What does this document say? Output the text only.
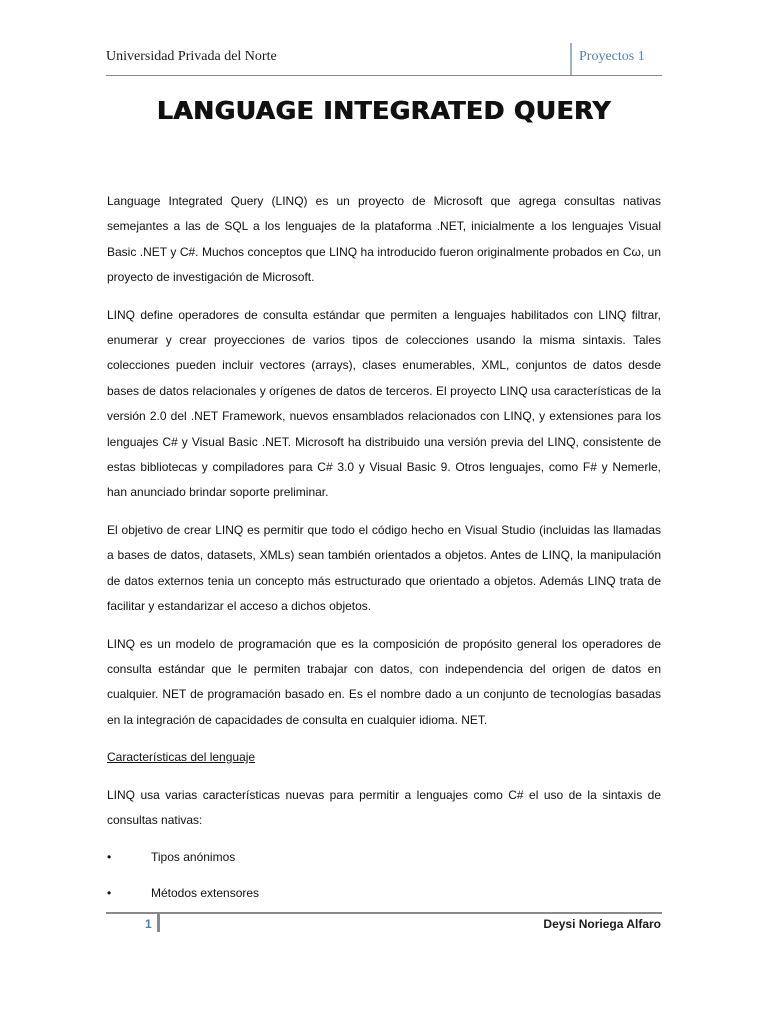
Universidad Privada del Norte	Proyectos 1
LANGUAGE INTEGRATED QUERY

Language Integrated Query (LINQ) es un proyecto de Microsoft que agrega consultas nativas semejantes a las de SQL a los lenguajes de la plataforma .NET, inicialmente a los lenguajes Visual Basic .NET y C#. Muchos conceptos que LINQ ha introducido fueron originalmente probados en Cω, un proyecto de investigación de Microsoft.

LINQ define operadores de consulta estándar que permiten a lenguajes habilitados con LINQ filtrar, enumerar y crear proyecciones de varios tipos de colecciones usando la misma sintaxis. Tales colecciones pueden incluir vectores (arrays), clases enumerables, XML, conjuntos de datos desde bases de datos relacionales y orígenes de datos de terceros. El proyecto LINQ usa características de la versión 2.0 del .NET Framework, nuevos ensamblados relacionados con LINQ, y extensiones para los lenguajes C# y Visual Basic .NET. Microsoft ha distribuido una versión previa del LINQ, consistente de estas bibliotecas y compiladores para C# 3.0 y Visual Basic 9. Otros lenguajes, como F# y Nemerle, han anunciado brindar soporte preliminar.

El objetivo de crear LINQ es permitir que todo el código hecho en Visual Studio (incluidas las llamadas a bases de datos, datasets, XMLs) sean también orientados a objetos. Antes de LINQ, la manipulación de datos externos tenia un concepto más estructurado que orientado a objetos. Además LINQ trata de facilitar y estandarizar el acceso a dichos objetos.

LINQ es un modelo de programación que es la composición de propósito general los operadores de consulta estándar que le permiten trabajar con datos, con independencia del origen de datos en cualquier. NET de programación basado en. Es el nombre dado a un conjunto de tecnologías basadas en la integración de capacidades de consulta en cualquier idioma. NET.

Características del lenguaje

LINQ usa varias características nuevas para permitir a lenguajes como C# el uso de la sintaxis de consultas nativas:

•	Tipos anónimos
•	Métodos extensores
1	Deysi Noriega Alfaro
